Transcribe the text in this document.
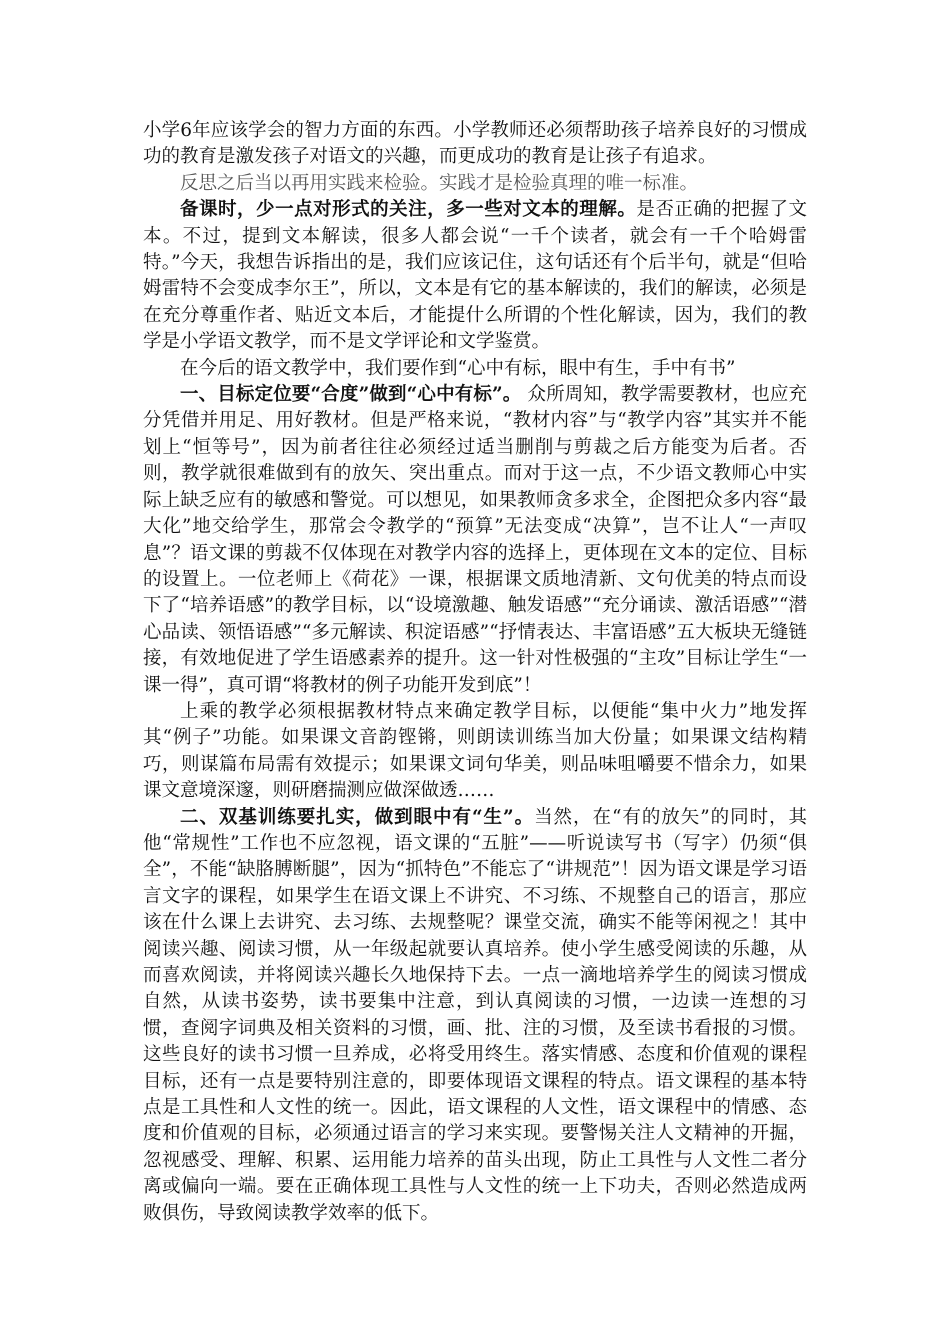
小学6年应该学会的智力方面的东西。小学教师还必须帮助孩子培养良好的习惯成功的教育是激发孩子对语文的兴趣，而更成功的教育是让孩子有追求。

反思之后当以再用实践来检验。实践才是检验真理的唯一标准。

备课时，少一点对形式的关注，多一些对文本的理解。是否正确的把握了文本。不过，提到文本解读，很多人都会说“一千个读者，就会有一千个哈姆雷特。”今天，我想告诉指出的是，我们应该记住，这句话还有个后半句，就是“但哈姆雷特不会变成李尔王”，所以，文本是有它的基本解读的，我们的解读，必须是在充分尊重作者、贴近文本后，才能提什么所谓的个性化解读，因为，我们的教学是小学语文教学，而不是文学评论和文学鉴赏。

在今后的语文教学中，我们要作到“心中有标，眼中有生，手中有书”

一、目标定位要“合度”做到“心中有标”。 众所周知，教学需要教材，也应充分凭借并用足、用好教材。但是严格来说，“教材内容”与“教学内容”其实并不能划上“恒等号”，因为前者往往必须经过适当删削与剪裁之后方能变为后者。否则，教学就很难做到有的放矢、突出重点。而对于这一点，不少语文教师心中实际上缺乏应有的敏感和警觉。可以想见，如果教师贪多求全，企图把众多内容“最大化”地交给学生，那常会令教学的“预算”无法变成“决算”，岂不让人“一声叹息”？语文课的剪裁不仅体现在对教学内容的选择上，更体现在文本的定位、目标的设置上。一位老师上《荷花》一课，根据课文质地清新、文句优美的特点而设下了“培养语感”的教学目标，以“设境激趣、触发语感”“充分诵读、激活语感”“潜心品读、领悟语感”“多元解读、积淀语感”“抒情表达、丰富语感”五大板块无缝链接，有效地促进了学生语感素养的提升。这一针对性极强的“主攻”目标让学生“一课一得”，真可谓“将教材的例子功能开发到底”！

上乘的教学必须根据教材特点来确定教学目标，以便能“集中火力”地发挥其“例子”功能。如果课文音韵铿锵，则朗读训练当加大份量；如果课文结构精巧，则谋篇布局需有效提示；如果课文词句华美，则品味咀嚼要不惜余力，如果课文意境深邃，则研磨揣测应做深做透……

二、双基训练要扎实，做到眼中有“生”。当然，在“有的放矢”的同时，其他“常规性”工作也不应忽视，语文课的“五脏”——听说读写书（写字）仍须“俱全”，不能“缺胳膊断腿”，因为“抓特色”不能忘了“讲规范”！因为语文课是学习语言文字的课程，如果学生在语文课上不讲究、不习练、不规整自己的语言，那应该在什么课上去讲究、去习练、去规整呢？课堂交流，确实不能等闲视之！其中阅读兴趣、阅读习惯，从一年级起就要认真培养。使小学生感受阅读的乐趣，从而喜欢阅读，并将阅读兴趣长久地保持下去。一点一滴地培养学生的阅读习惯成自然，从读书姿势，读书要集中注意，到认真阅读的习惯，一边读一连想的习惯，查阅字词典及相关资料的习惯，画、批、注的习惯，及至读书看报的习惯。这些良好的读书习惯一旦养成，必将受用终生。落实情感、态度和价值观的课程目标，还有一点是要特别注意的，即要体现语文课程的特点。语文课程的基本特点是工具性和人文性的统一。因此，语文课程的人文性，语文课程中的情感、态度和价值观的目标，必须通过语言的学习来实现。要警惕关注人文精神的开掘，忽视感受、理解、积累、运用能力培养的苗头出现，防止工具性与人文性二者分离或偏向一端。要在正确体现工具性与人文性的统一上下功夫，否则必然造成两败俱伤，导致阅读教学效率的低下。
